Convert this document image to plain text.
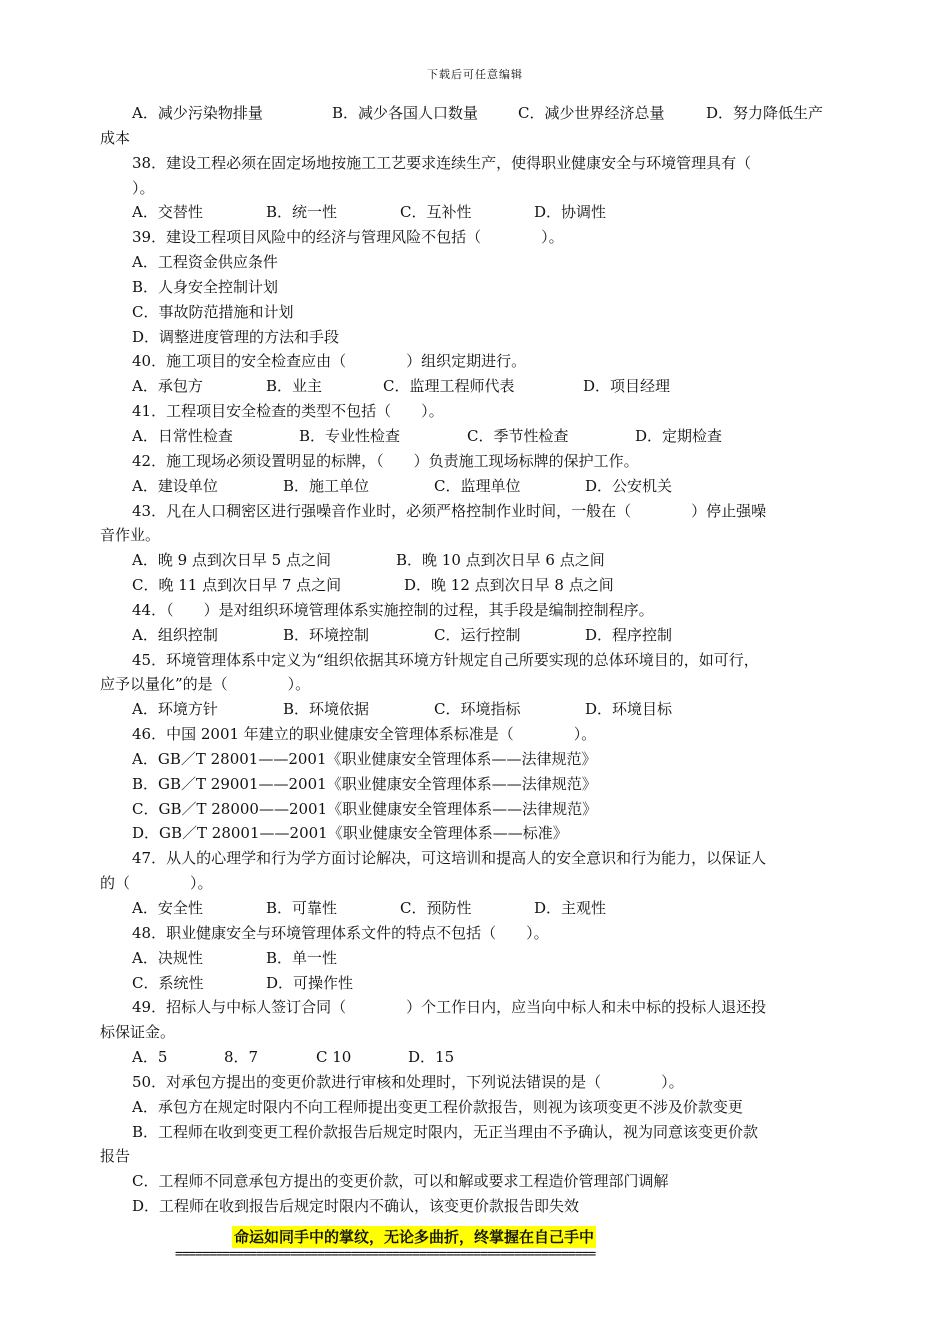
下载后可任意编辑
A．减少污染物排量	B．减少各国人口数量	C．减少世界经济总量	D．努力降低生产
成本
38．建设工程必须在固定场地按施工工艺要求连续生产，使得职业健康安全与环境管理具有（
）。
A．交替性	B．统一性	C．互补性	D．协调性
39．建设工程项目风险中的经济与管理风险不包括（　　　　）。
A．工程资金供应条件
B．人身安全控制计划
C．事故防范措施和计划
D．调整进度管理的方法和手段
40．施工项目的安全检查应由（　　　　）组织定期进行。
A．承包方	B．业主	C．监理工程师代表	D．项目经理
41．工程项目安全检查的类型不包括（　　）。
A．日常性检查	B．专业性检查	C．季节性检查	D．定期检查
42．施工现场必须设置明显的标牌，（　　）负责施工现场标牌的保护工作。
A．建设单位	B．施工单位	C．监理单位	D．公安机关
43．凡在人口稠密区进行强噪音作业时，必须严格控制作业时间，一般在（　　　　）停止强噪
音作业。
A．晚 9 点到次日早 5 点之间	B．晚 10 点到次日早 6 点之间
C．晚 11 点到次日早 7 点之间	D．晚 12 点到次日早 8 点之间
44．（　　）是对组织环境管理体系实施控制的过程，其手段是编制控制程序。
A．组织控制	B．环境控制	C．运行控制	D．程序控制
45．环境管理体系中定义为“组织依据其环境方针规定自己所要实现的总体环境目的，如可行，
应予以量化”的是（　　　　）。
A．环境方针	B．环境依据	C．环境指标	D．环境目标
46．中国 2001 年建立的职业健康安全管理体系标准是（　　　　）。
A．GB／T 28001——2001《职业健康安全管理体系——法律规范》
B．GB／T 29001——2001《职业健康安全管理体系——法律规范》
C．GB／T 28000——2001《职业健康安全管理体系——法律规范》
D．GB／T 28001——2001《职业健康安全管理体系——标准》
47．从人的心理学和行为学方面讨论解决，可这培训和提高人的安全意识和行为能力，以保证人
的（　　　　）。
A．安全性	B．可靠性	C．预防性	D．主观性
48．职业健康安全与环境管理体系文件的特点不包括（　　）。
A．决规性	B．单一性
C．系统性	D．可操作性
49．招标人与中标人签订合同（　　　　）个工作日内，应当向中标人和未中标的投标人退还投
标保证金。
A．5	8．7	C 10	D．15
50．对承包方提出的变更价款进行审核和处理时，下列说法错误的是（　　　　）。
A．承包方在规定时限内不向工程师提出变更工程价款报告，则视为该项变更不涉及价款变更
B．工程师在收到变更工程价款报告后规定时限内，无正当理由不予确认，视为同意该变更价款
报告
C．工程师不同意承包方提出的变更价款，可以和解或要求工程造价管理部门调解
D．工程师在收到报告后规定时限内不确认，该变更价款报告即失效
命运如同手中的掌纹，无论多曲折，终掌握在自己手中
==============================================================
